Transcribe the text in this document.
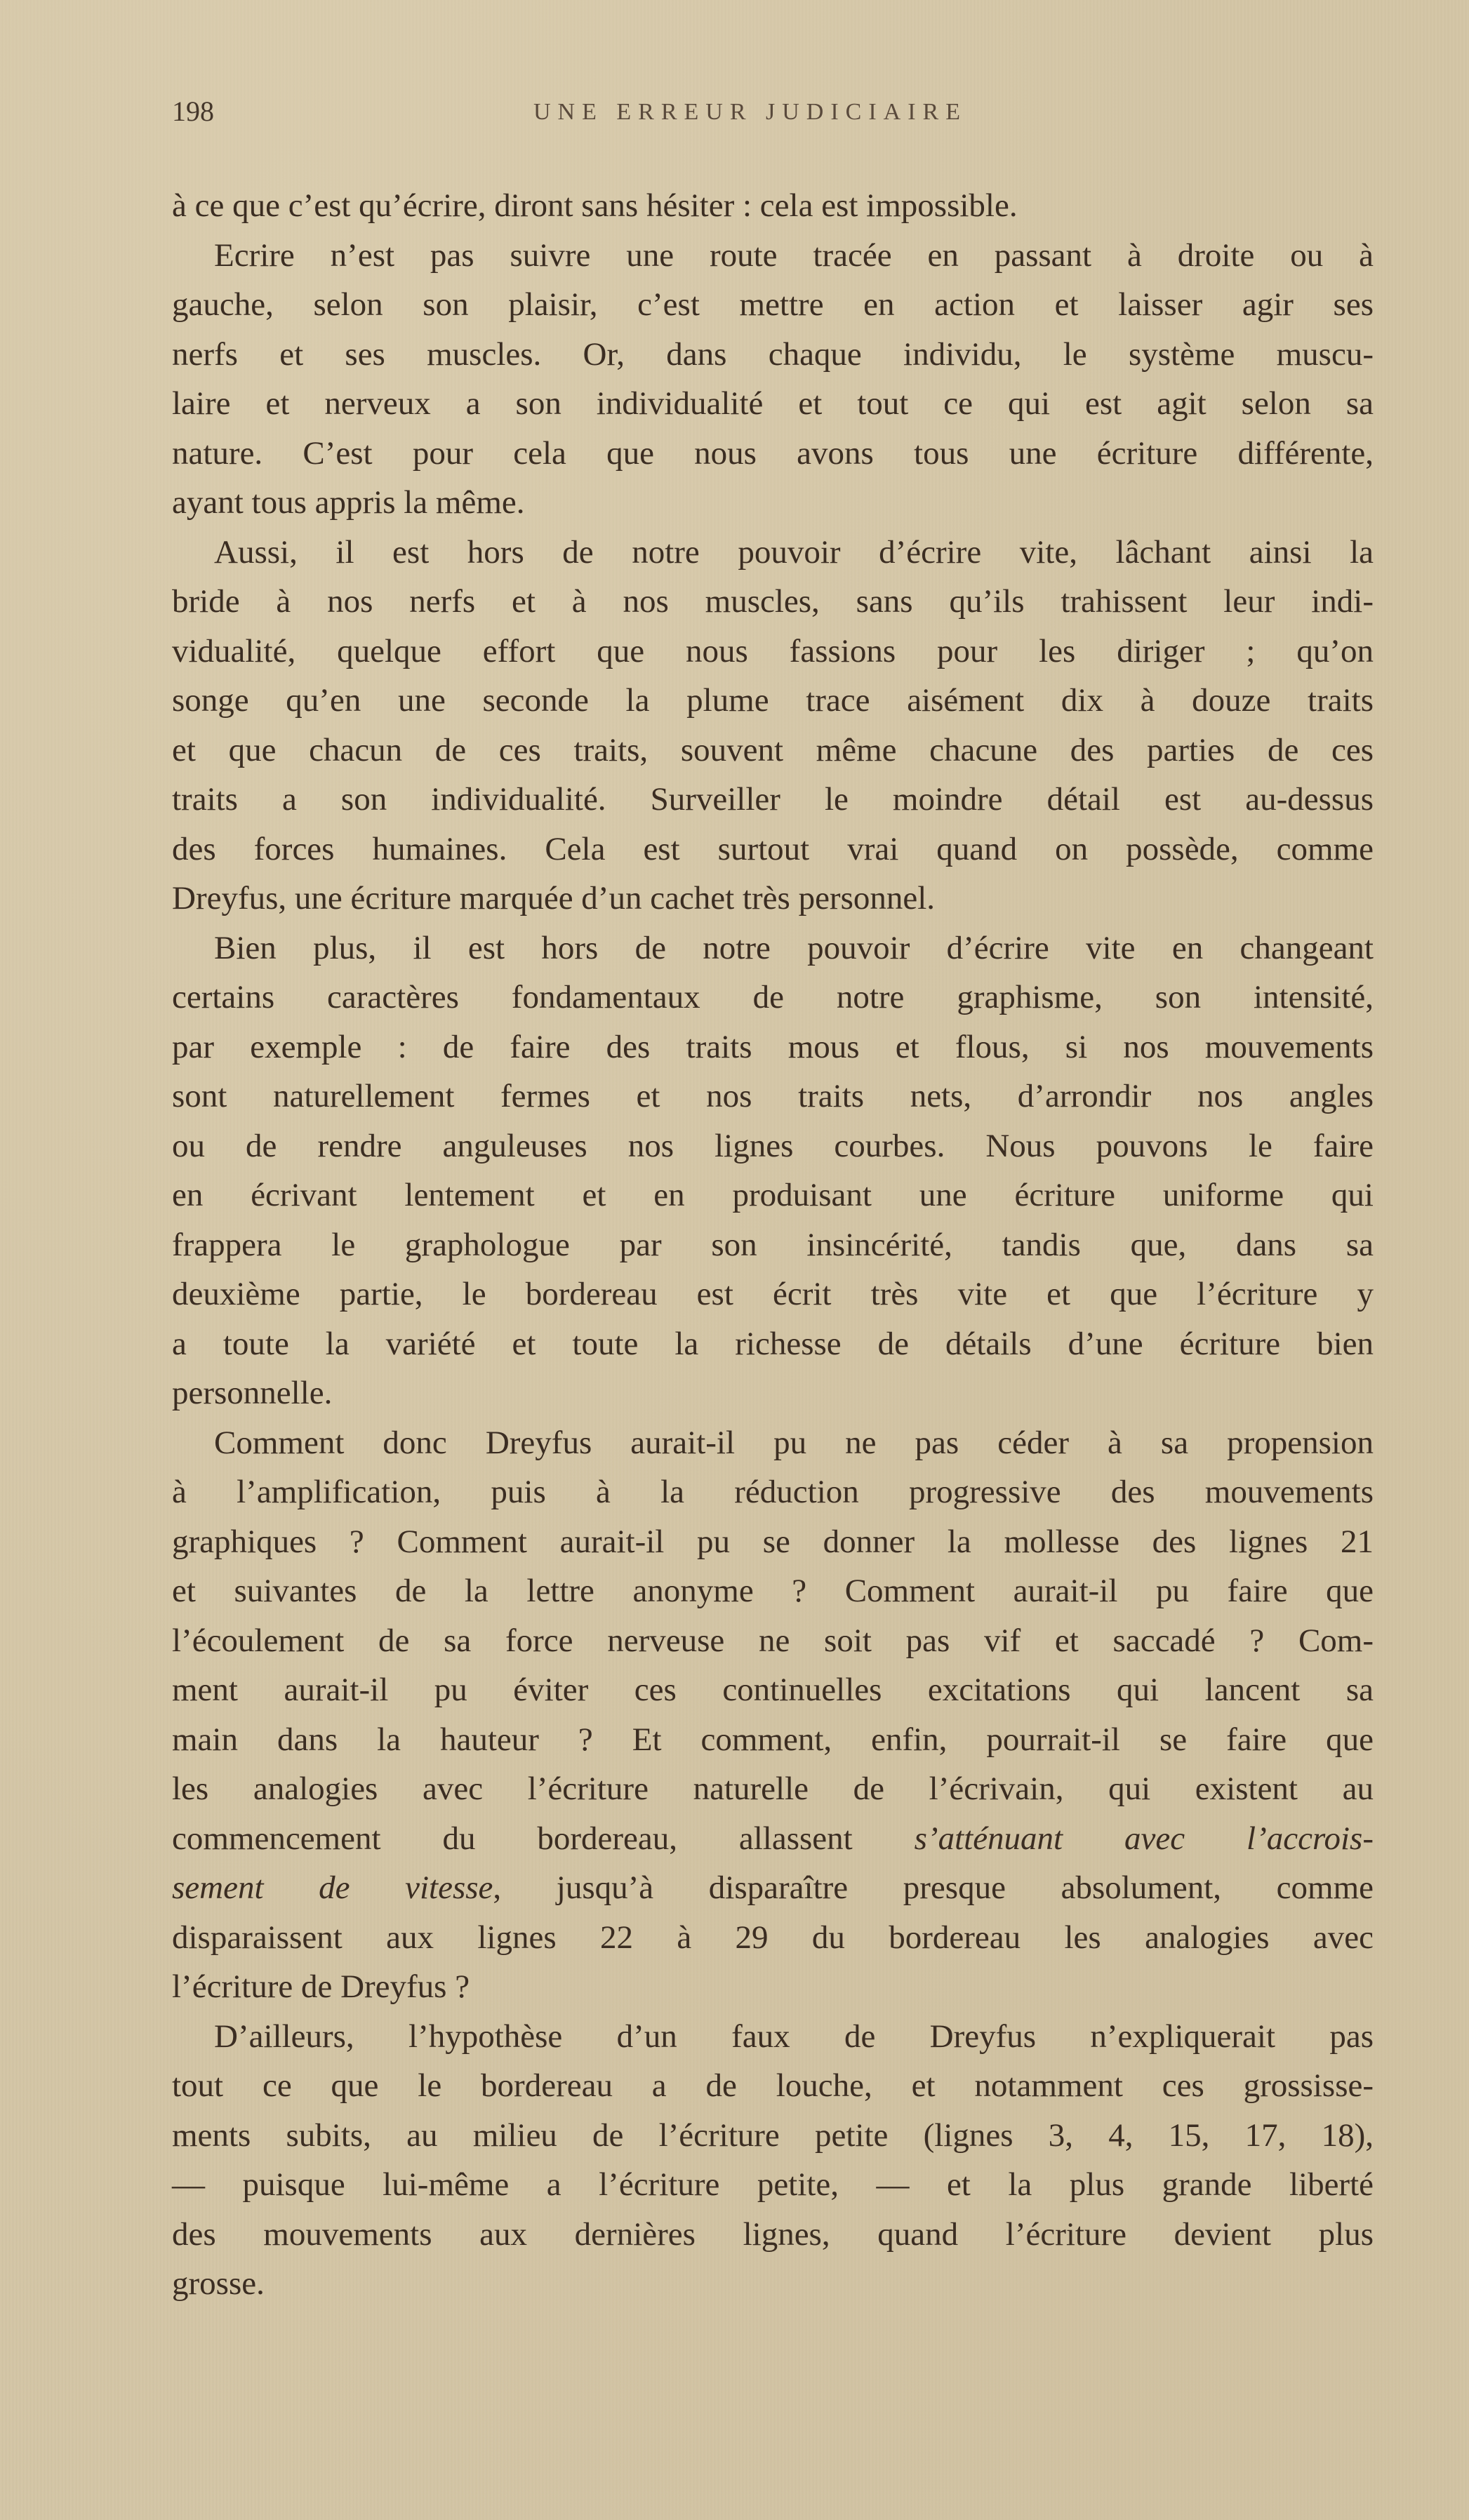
198	UNE ERREUR JUDICIAIRE
à ce que c’est qu’écrire, diront sans hésiter : cela est impossible.
Ecrire n’est pas suivre une route tracée en passant à droite ou à
gauche, selon son plaisir, c’est mettre en action et laisser agir ses
nerfs et ses muscles. Or, dans chaque individu, le système muscu-
laire et nerveux a son individualité et tout ce qui est agit selon sa
nature. C’est pour cela que nous avons tous une écriture différente,
ayant tous appris la même.
Aussi, il est hors de notre pouvoir d’écrire vite, lâchant ainsi la
bride à nos nerfs et à nos muscles, sans qu’ils trahissent leur indi-
vidualité, quelque effort que nous fassions pour les diriger ; qu’on
songe qu’en une seconde la plume trace aisément dix à douze traits
et que chacun de ces traits, souvent même chacune des parties de ces
traits a son individualité. Surveiller le moindre détail est au-dessus
des forces humaines. Cela est surtout vrai quand on possède, comme
Dreyfus, une écriture marquée d’un cachet très personnel.
Bien plus, il est hors de notre pouvoir d’écrire vite en changeant
certains caractères fondamentaux de notre graphisme, son intensité,
par exemple : de faire des traits mous et flous, si nos mouvements
sont naturellement fermes et nos traits nets, d’arrondir nos angles
ou de rendre anguleuses nos lignes courbes. Nous pouvons le faire
en écrivant lentement et en produisant une écriture uniforme qui
frappera le graphologue par son insincérité, tandis que, dans sa
deuxième partie, le bordereau est écrit très vite et que l’écriture y
a toute la variété et toute la richesse de détails d’une écriture bien
personnelle.
Comment donc Dreyfus aurait-il pu ne pas céder à sa propension
à l’amplification, puis à la réduction progressive des mouvements
graphiques ? Comment aurait-il pu se donner la mollesse des lignes 21
et suivantes de la lettre anonyme ? Comment aurait-il pu faire que
l’écoulement de sa force nerveuse ne soit pas vif et saccadé ? Com-
ment aurait-il pu éviter ces continuelles excitations qui lancent sa
main dans la hauteur ? Et comment, enfin, pourrait-il se faire que
les analogies avec l’écriture naturelle de l’écrivain, qui existent au
commencement du bordereau, allassent s’atténuant avec l’accrois-
sement de vitesse, jusqu’à disparaître presque absolument, comme
disparaissent aux lignes 22 à 29 du bordereau les analogies avec
l’écriture de Dreyfus ?
D’ailleurs, l’hypothèse d’un faux de Dreyfus n’expliquerait pas
tout ce que le bordereau a de louche, et notamment ces grossisse-
ments subits, au milieu de l’écriture petite (lignes 3, 4, 15, 17, 18),
— puisque lui-même a l’écriture petite, — et la plus grande liberté
des mouvements aux dernières lignes, quand l’écriture devient plus
grosse.
